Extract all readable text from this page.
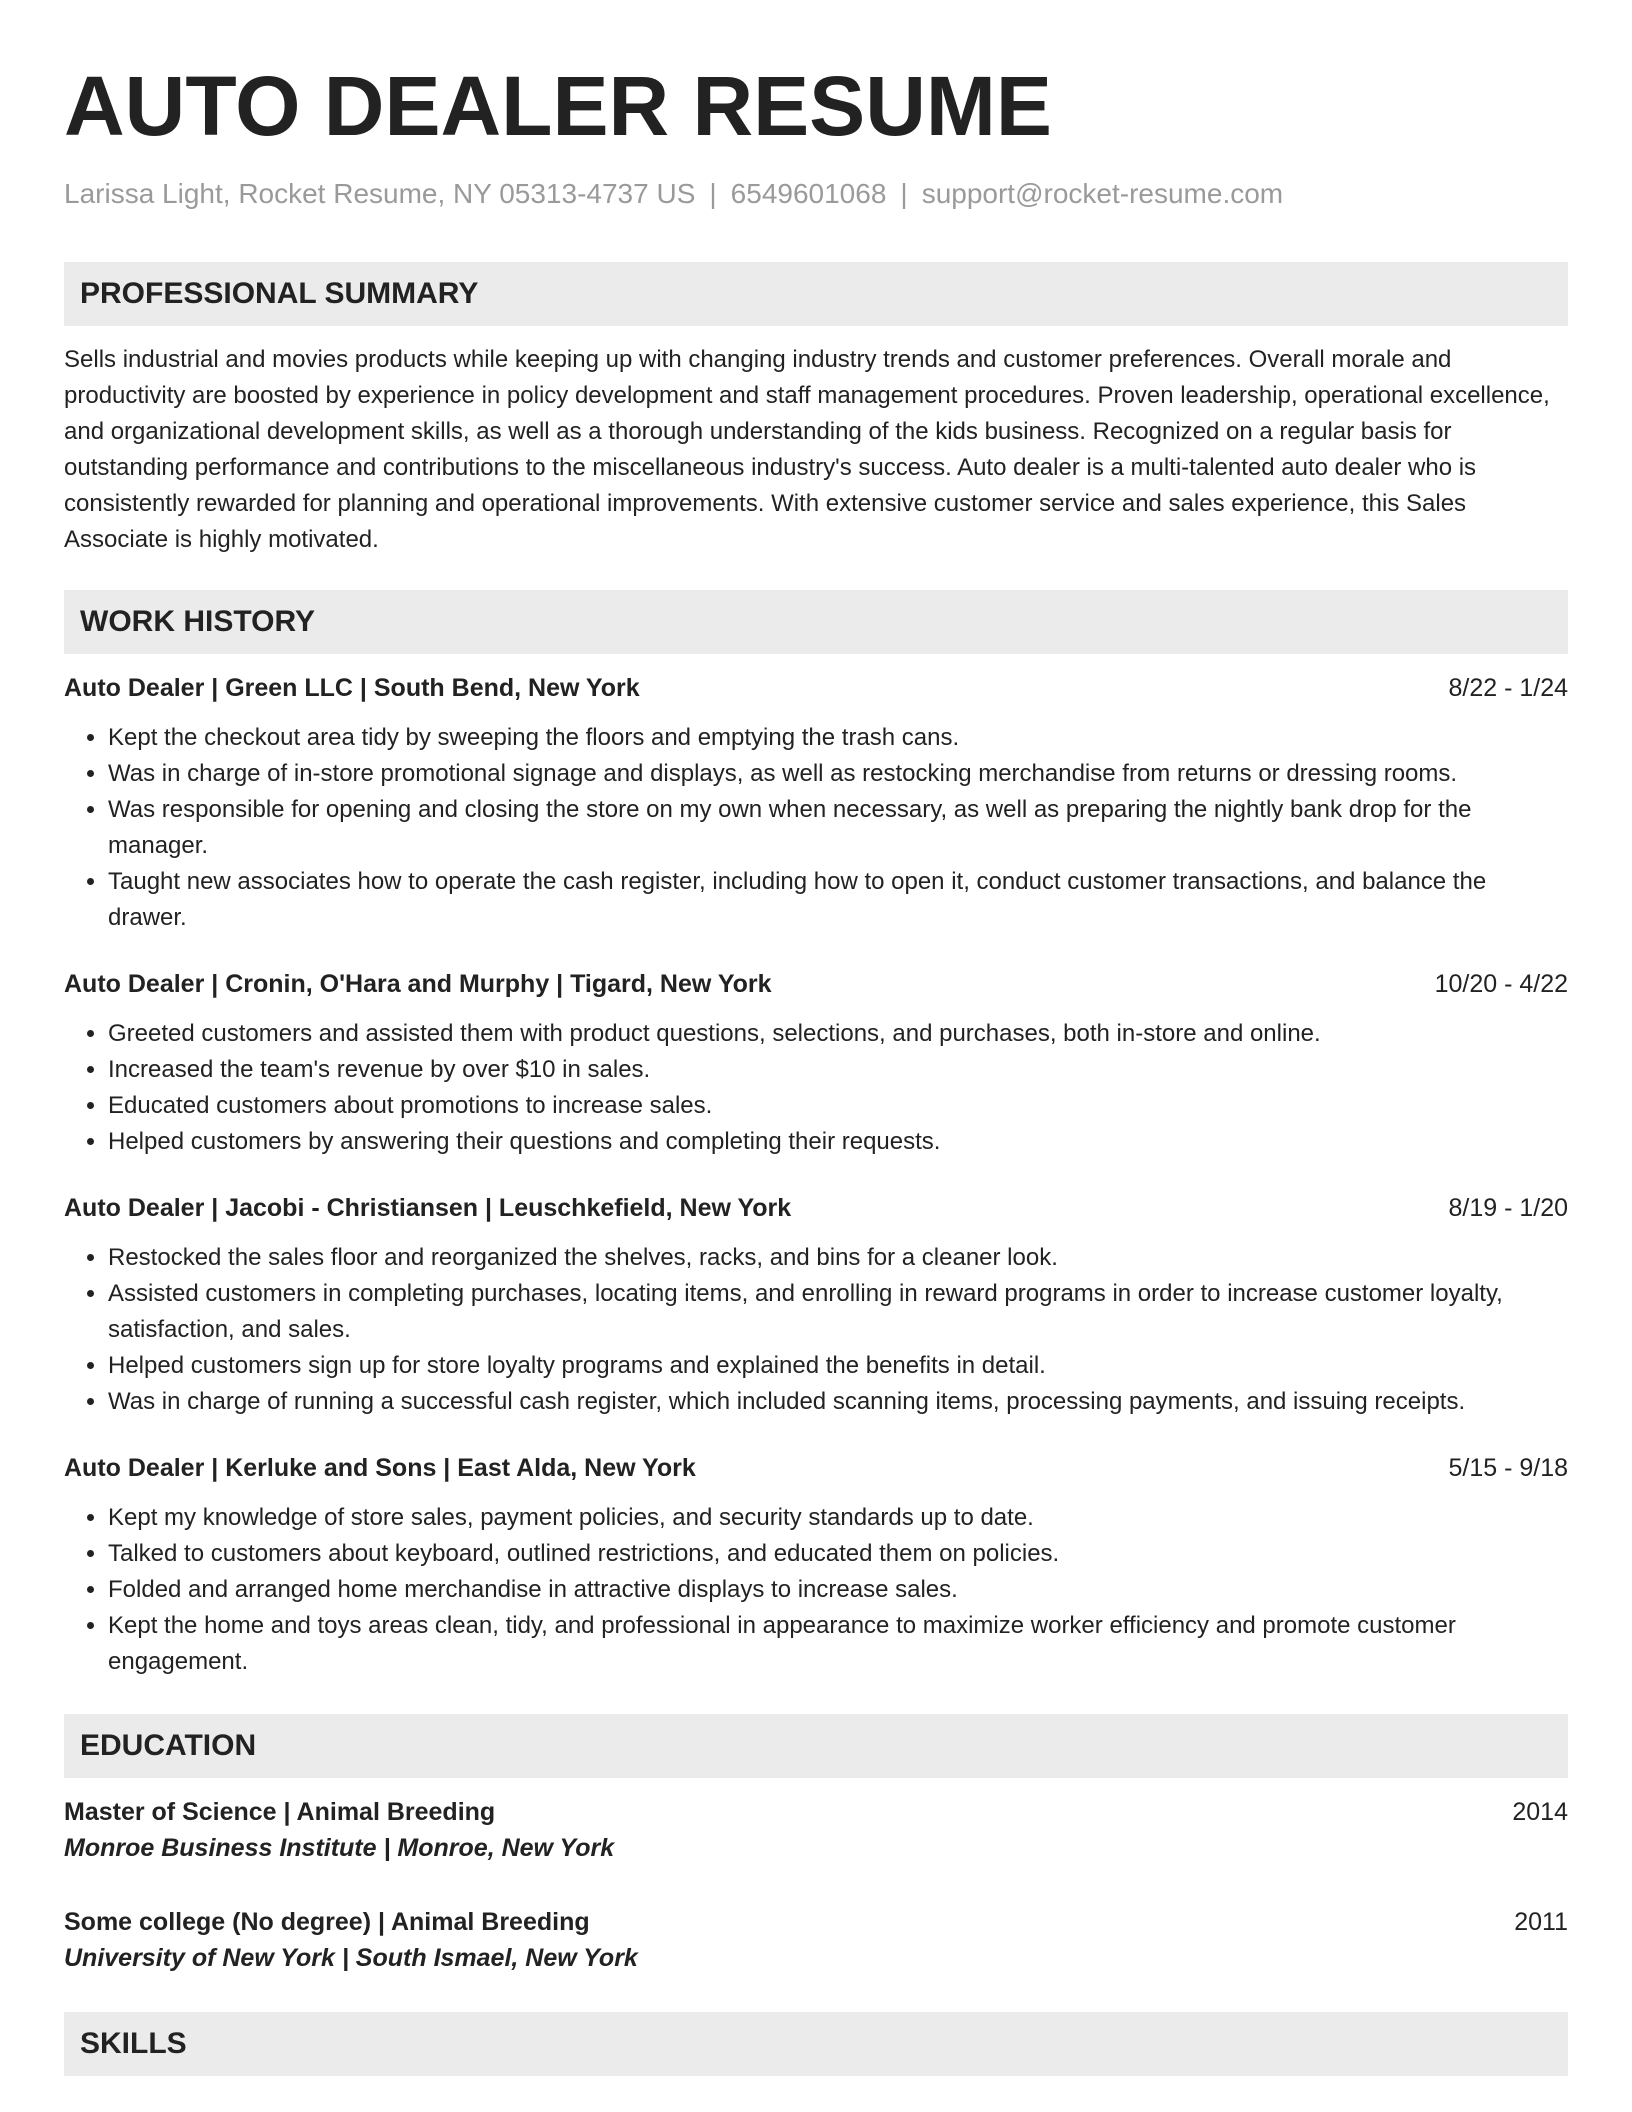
AUTO DEALER RESUME
Larissa Light, Rocket Resume, NY 05313-4737 US | 6549601068 | support@rocket-resume.com
PROFESSIONAL SUMMARY
Sells industrial and movies products while keeping up with changing industry trends and customer preferences. Overall morale and productivity are boosted by experience in policy development and staff management procedures. Proven leadership, operational excellence, and organizational development skills, as well as a thorough understanding of the kids business. Recognized on a regular basis for outstanding performance and contributions to the miscellaneous industry's success. Auto dealer is a multi-talented auto dealer who is consistently rewarded for planning and operational improvements. With extensive customer service and sales experience, this Sales Associate is highly motivated.
WORK HISTORY
Auto Dealer | Green LLC | South Bend, New York	8/22 - 1/24
• Kept the checkout area tidy by sweeping the floors and emptying the trash cans.
• Was in charge of in-store promotional signage and displays, as well as restocking merchandise from returns or dressing rooms.
• Was responsible for opening and closing the store on my own when necessary, as well as preparing the nightly bank drop for the manager.
• Taught new associates how to operate the cash register, including how to open it, conduct customer transactions, and balance the drawer.
Auto Dealer | Cronin, O'Hara and Murphy | Tigard, New York	10/20 - 4/22
• Greeted customers and assisted them with product questions, selections, and purchases, both in-store and online.
• Increased the team's revenue by over $10 in sales.
• Educated customers about promotions to increase sales.
• Helped customers by answering their questions and completing their requests.
Auto Dealer | Jacobi - Christiansen | Leuschkefield, New York	8/19 - 1/20
• Restocked the sales floor and reorganized the shelves, racks, and bins for a cleaner look.
• Assisted customers in completing purchases, locating items, and enrolling in reward programs in order to increase customer loyalty, satisfaction, and sales.
• Helped customers sign up for store loyalty programs and explained the benefits in detail.
• Was in charge of running a successful cash register, which included scanning items, processing payments, and issuing receipts.
Auto Dealer | Kerluke and Sons | East Alda, New York	5/15 - 9/18
• Kept my knowledge of store sales, payment policies, and security standards up to date.
• Talked to customers about keyboard, outlined restrictions, and educated them on policies.
• Folded and arranged home merchandise in attractive displays to increase sales.
• Kept the home and toys areas clean, tidy, and professional in appearance to maximize worker efficiency and promote customer engagement.
EDUCATION
Master of Science | Animal Breeding	2014
Monroe Business Institute | Monroe, New York
Some college (No degree) | Animal Breeding	2011
University of New York | South Ismael, New York
SKILLS
